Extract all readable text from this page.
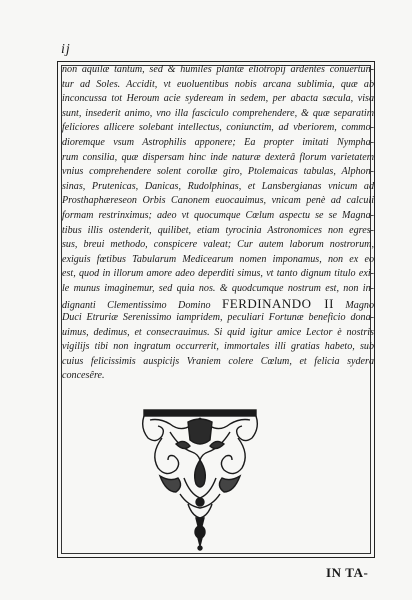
ij
non aquilæ tantum, sed & humiles plantæ eliotropij ardentes conuertun-
tur ad Soles. Accidit, vt euoluentibus nobis arcana sublimia, quæ ab
inconcussa tot Heroum acie sydeream in sedem, per abacta sæcula, visa
sunt, insederit animo, vno illa fasciculo comprehendere, & quæ separatim
feliciores allicere solebant intellectus, coniunctim, ad vberiorem, commo-
dioremque vsum Astrophilis apponere; Ea propter imitati Nympha-
rum consilia, quæ dispersam hinc inde naturæ dexterâ florum varietatem
vnius comprehendere solent corollæ giro, Ptolemaicas tabulas, Alphon-
sinas, Prutenicas, Danicas, Rudolphinas, et Lansbergianas vnicum ad
Prosthaphæreseon Orbis Canonem euocauimus, vnicam penè ad calculi
formam restrinximus; adeo vt quocumque Cœlum aspectu se se Magna-
tibus illis ostenderit, quilibet, etiam tyrocinia Astronomices non egres-
sus, breui methodo, conspicere valeat; Cur autem laborum nostrorum,
exiguis fœtibus Tabularum Medicearum nomen imponamus, non ex eo
est, quod in illorum amore adeo deperditi simus, vt tanto dignum titulo exi-
le munus imaginemur, sed quia nos. & quodcumque nostrum est, non in-
dignanti Clementissimo Domino FERDINANDO II Magno
Duci Etruriæ Serenissimo iampridem, peculiari Fortunæ beneficio dona-
uimus, dedimus, et consecrauimus. Si quid igitur amice Lector è nostris
vigilijs tibi non ingratum occurrerit, immortales illi gratias habeto, sub
cuius felicissimis auspicijs Vraniem colere Cœlum, et felicia sydera
concesêre.
IN TA-
